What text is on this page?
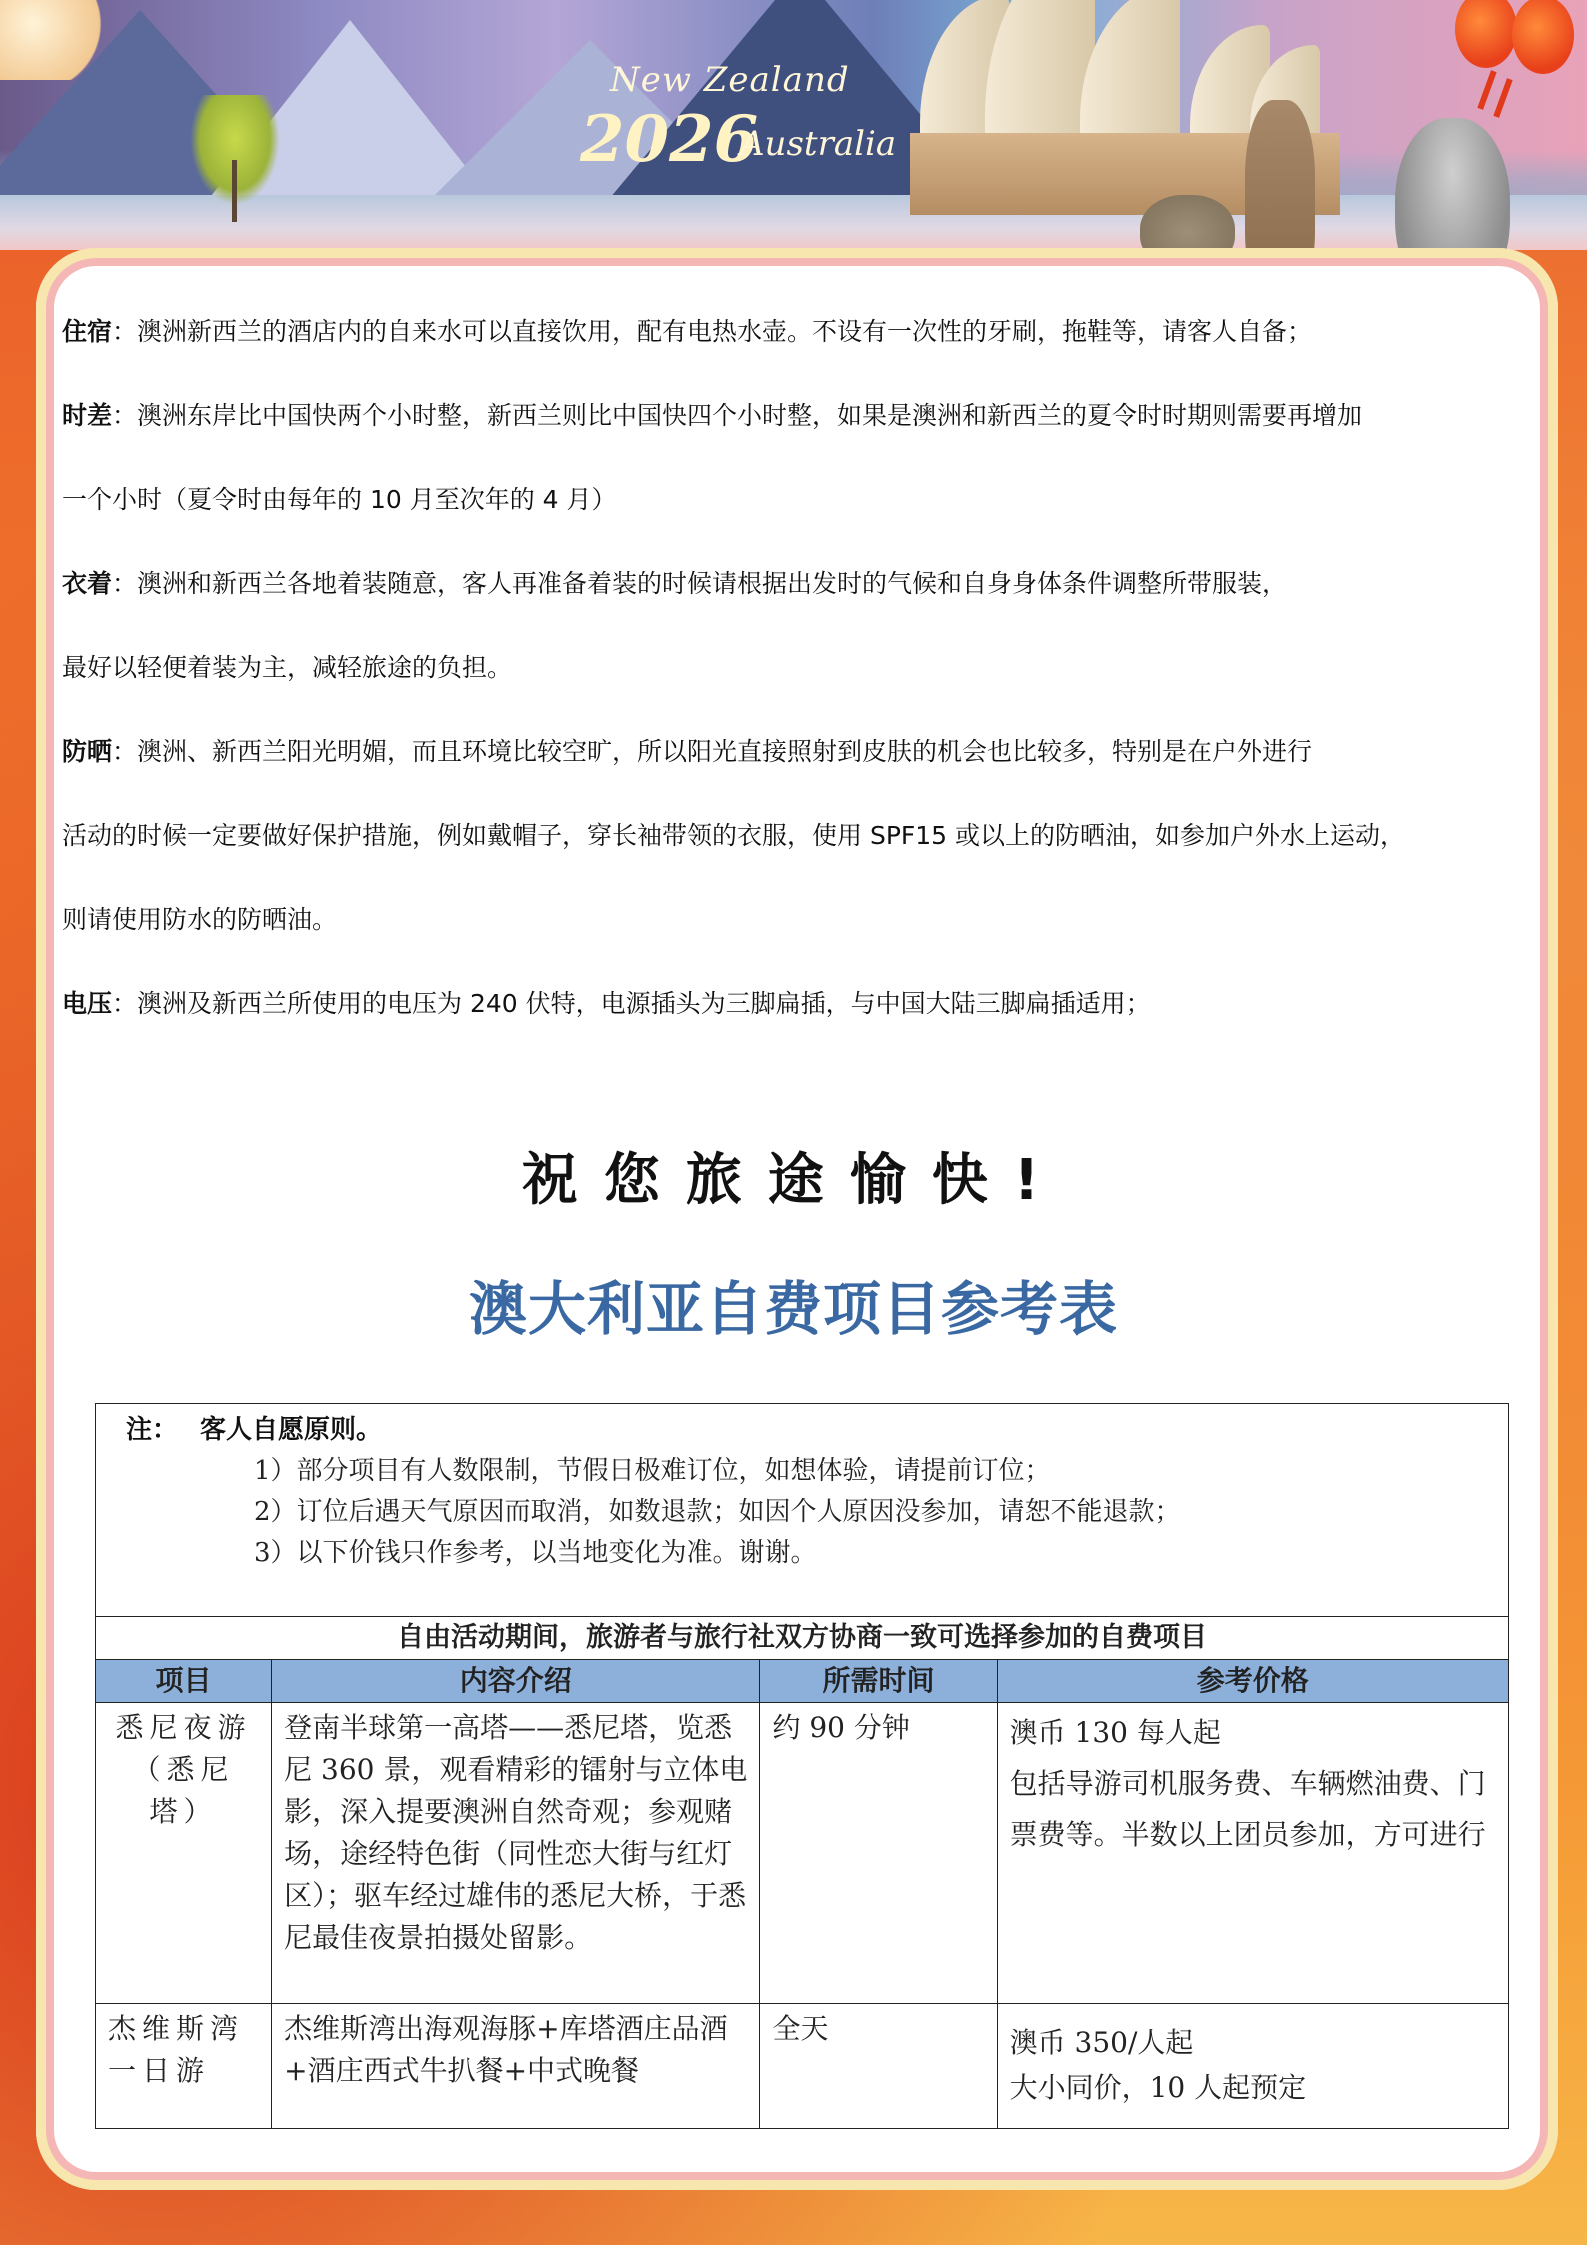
New Zealand
2026
Australia

住宿：澳洲新西兰的酒店内的自来水可以直接饮用，配有电热水壶。不设有一次性的牙刷，拖鞋等，请客人自备；

时差：澳洲东岸比中国快两个小时整，新西兰则比中国快四个小时整，如果是澳洲和新西兰的夏令时时期则需要再增加

一个小时（夏令时由每年的 10 月至次年的 4 月）

衣着：澳洲和新西兰各地着装随意，客人再准备着装的时候请根据出发时的气候和自身身体条件调整所带服装，

最好以轻便着装为主，减轻旅途的负担。

防晒：澳洲、新西兰阳光明媚，而且环境比较空旷，所以阳光直接照射到皮肤的机会也比较多，特别是在户外进行

活动的时候一定要做好保护措施，例如戴帽子，穿长袖带领的衣服，使用 SPF15 或以上的防晒油，如参加户外水上运动，

则请使用防水的防晒油。

电压：澳洲及新西兰所使用的电压为 240 伏特，电源插头为三脚扁插，与中国大陆三脚扁插适用；

祝您旅途愉快!
澳大利亚自费项目参考表
注： 客人自愿原则。
1）部分项目有人数限制，节假日极难订位，如想体验，请提前订位；
2）订位后遇天气原因而取消，如数退款；如因个人原因没参加，请恕不能退款；
3）以下价钱只作参考，以当地变化为准。谢谢。			

自由活动期间，旅游者与旅行社双方协商一致可选择参加的自费项目			
项目	内容介绍	所需时间	参考价格
悉尼夜游（悉尼塔）	登南半球第一高塔——悉尼塔，览悉尼 360 景，观看精彩的镭射与立体电影，深入提要澳洲自然奇观；参观赌场，途经特色街（同性恋大街与红灯区）；驱车经过雄伟的悉尼大桥，于悉尼最佳夜景拍摄处留影。	约 90 分钟	澳币 130 每人起
包括导游司机服务费、车辆燃油费、门票费等。半数以上团员参加，方可进行

杰维斯湾一日游	杰维斯湾出海观海豚+库塔酒庄品酒+酒庄西式牛扒餐+中式晚餐	全天	澳币 350/人起
大小同价，10 人起预定
